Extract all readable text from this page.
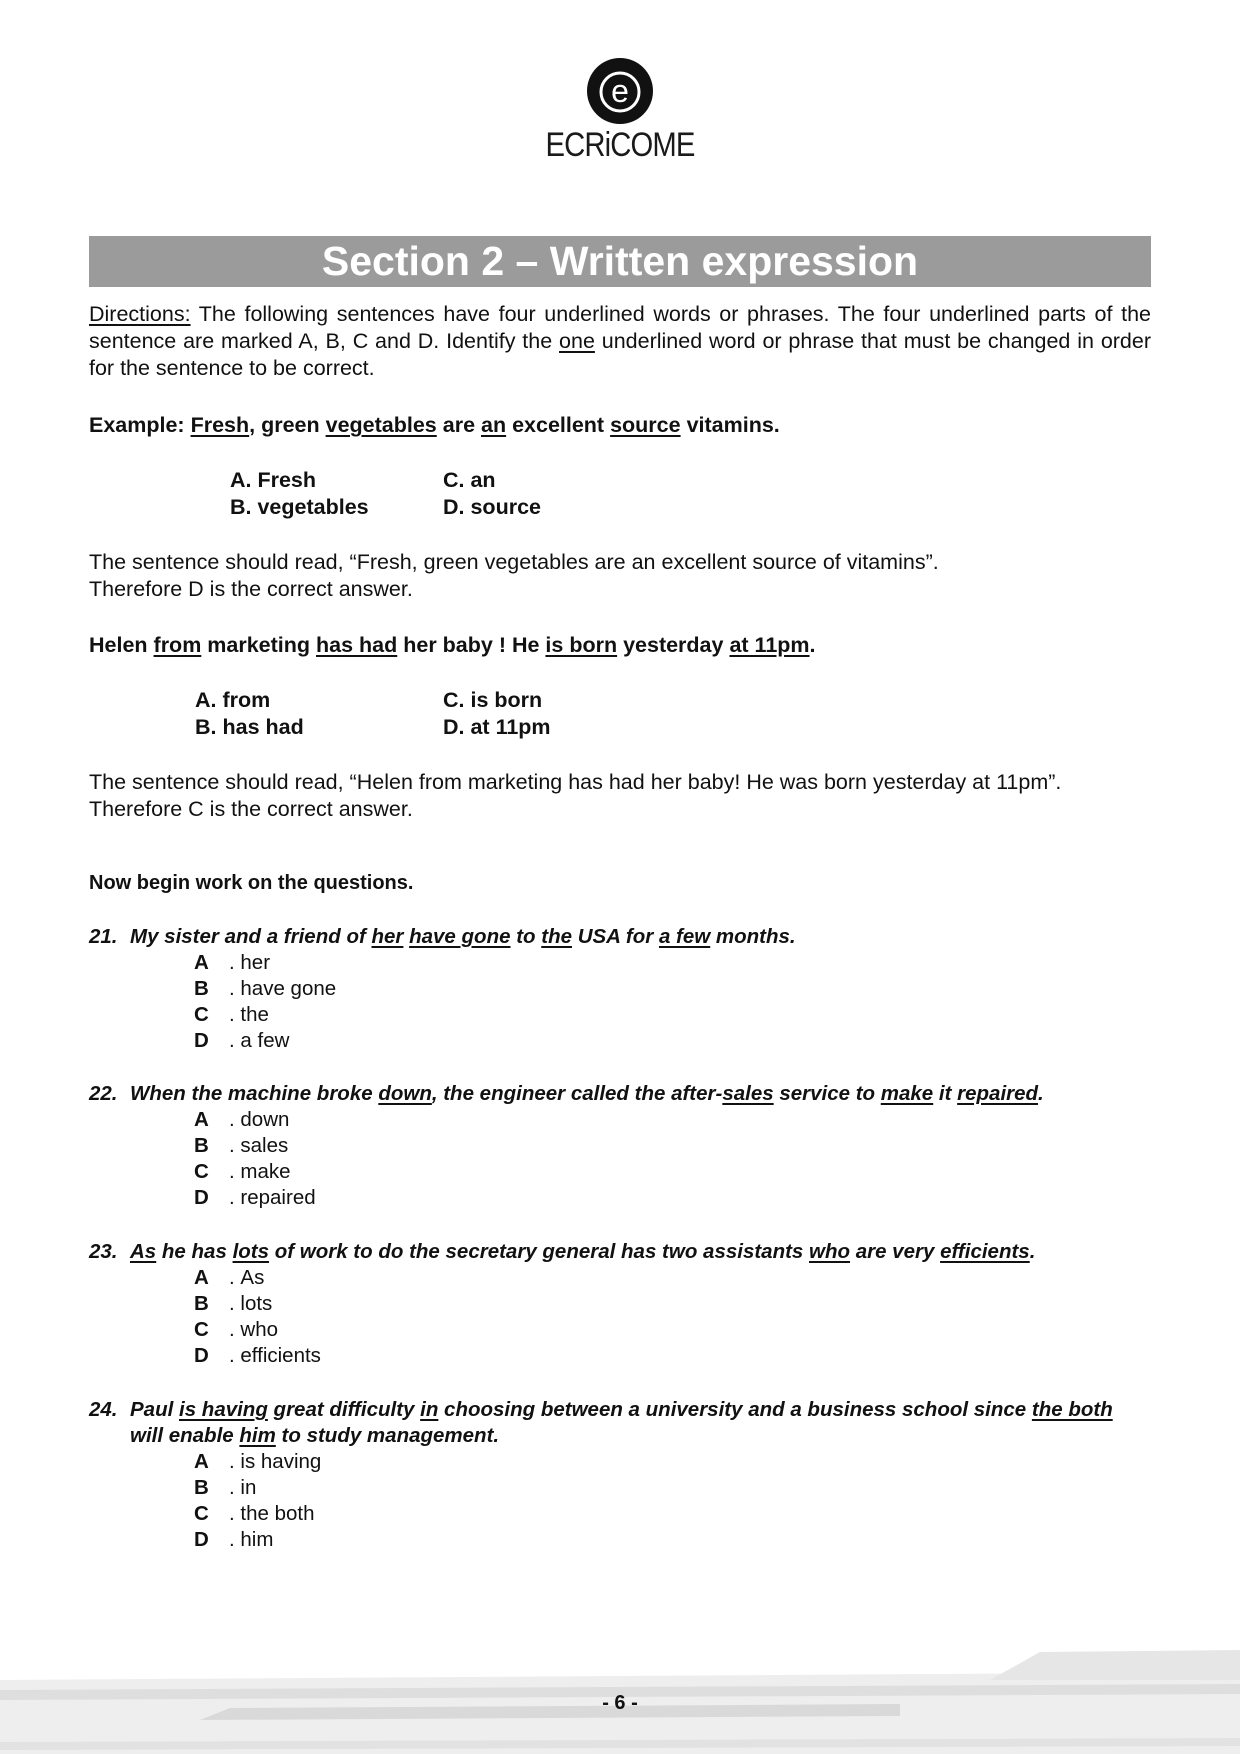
e
ECRiCOME
Section 2 – Written expression
Directions: The following sentences have four underlined words or phrases. The four underlined parts of the sentence are marked A, B, C and D. Identify the one underlined word or phrase that must be changed in order for the sentence to be correct.
Example: Fresh, green vegetables are an excellent source vitamins.
A. Fresh	C. an
B. vegetables	D. source
The sentence should read, “Fresh, green vegetables are an excellent source of vitamins”.
Therefore D is the correct answer.
Helen from marketing has had her baby ! He is born yesterday at 11pm.
A. from	C. is born
B. has had	D. at 11pm
The sentence should read, “Helen from marketing has had her baby! He was born yesterday at 11pm”.
Therefore C is the correct answer.
Now begin work on the questions.
21. My sister and a friend of her have gone to the USA for a few months.
A . her
B . have gone
C . the
D . a few
22. When the machine broke down, the engineer called the after-sales service to make it repaired.
A . down
B . sales
C . make
D . repaired
23. As he has lots of work to do the secretary general has two assistants who are very efficients.
A . As
B . lots
C . who
D . efficients
24. Paul is having great difficulty in choosing between a university and a business school since the both will enable him to study management.
A . is having
B . in
C . the both
D . him
- 6 -
